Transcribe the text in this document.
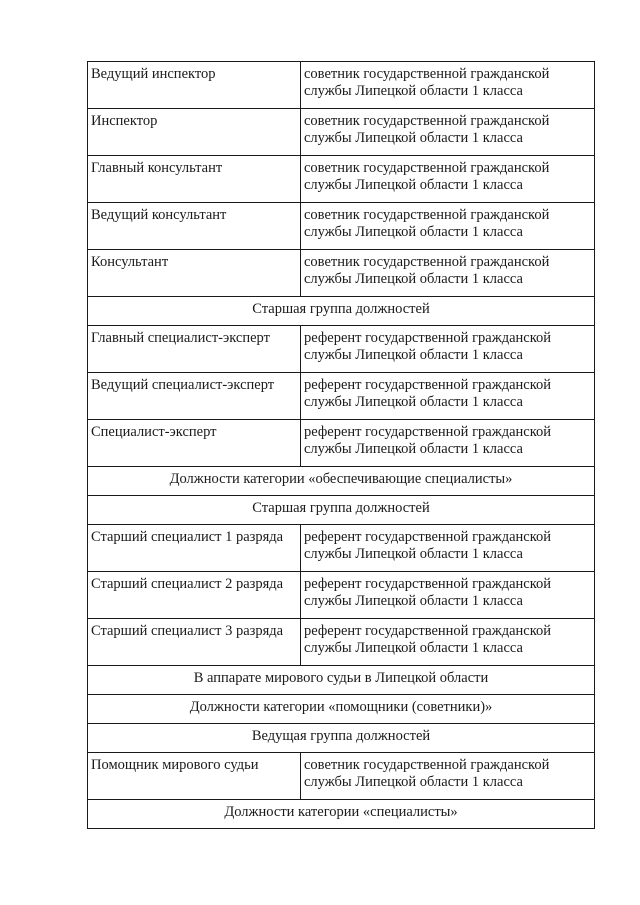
Ведущий инспектор	советник государственной гражданской службы Липецкой области 1 класса
Инспектор	советник государственной гражданской службы Липецкой области 1 класса
Главный консультант	советник государственной гражданской службы Липецкой области 1 класса
Ведущий консультант	советник государственной гражданской службы Липецкой области 1 класса
Консультант	советник государственной гражданской службы Липецкой области 1 класса
Старшая группа должностей	
Главный специалист-эксперт	референт государственной гражданской службы Липецкой области 1 класса
Ведущий специалист-эксперт	референт государственной гражданской службы Липецкой области 1 класса
Специалист-эксперт	референт государственной гражданской службы Липецкой области 1 класса
Должности категории «обеспечивающие специалисты»	
Старшая группа должностей	
Старший специалист 1 разряда	референт государственной гражданской службы Липецкой области 1 класса
Старший специалист 2 разряда	референт государственной гражданской службы Липецкой области 1 класса
Старший специалист 3 разряда	референт государственной гражданской службы Липецкой области 1 класса
В аппарате мирового судьи в Липецкой области	
Должности категории «помощники (советники)»	
Ведущая группа должностей	
Помощник мирового судьи	советник государственной гражданской службы Липецкой области 1 класса
Должности категории «специалисты»	
